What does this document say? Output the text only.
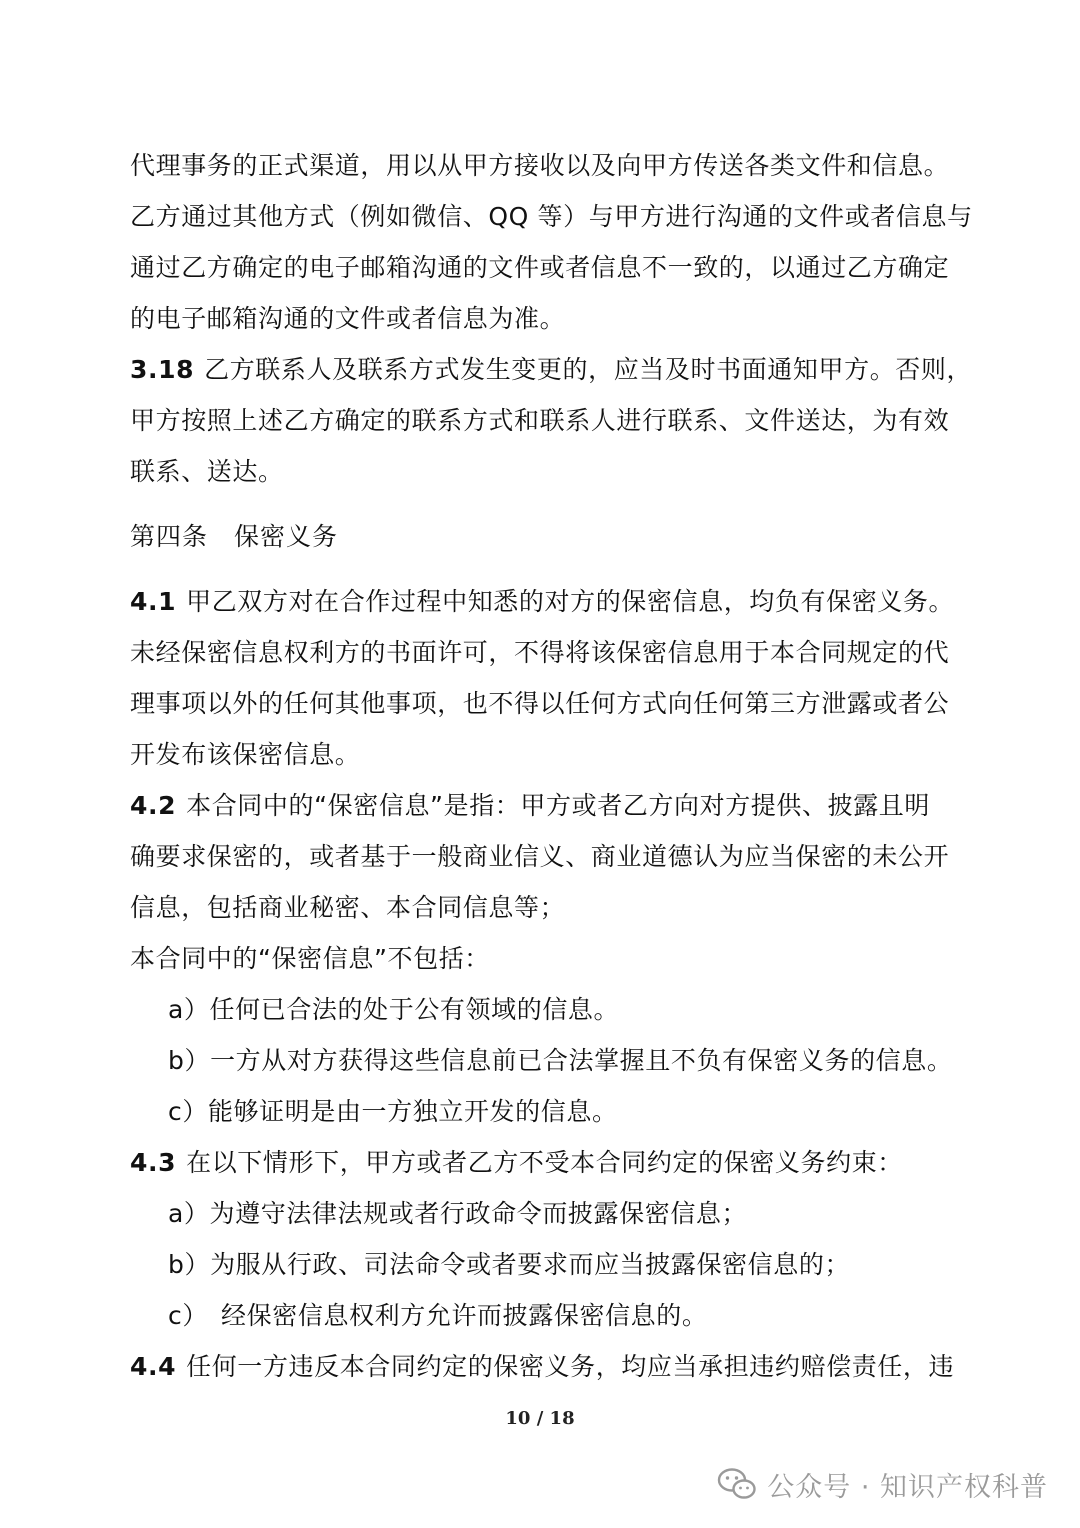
代理事务的正式渠道，用以从甲方接收以及向甲方传送各类文件和信息。
乙方通过其他方式（例如微信、QQ 等）与甲方进行沟通的文件或者信息与
通过乙方确定的电子邮箱沟通的文件或者信息不一致的，以通过乙方确定
的电子邮箱沟通的文件或者信息为准。
3.18 乙方联系人及联系方式发生变更的，应当及时书面通知甲方。否则，
甲方按照上述乙方确定的联系方式和联系人进行联系、文件送达，为有效
联系、送达。
第四条　保密义务
4.1 甲乙双方对在合作过程中知悉的对方的保密信息，均负有保密义务。
未经保密信息权利方的书面许可，不得将该保密信息用于本合同规定的代
理事项以外的任何其他事项，也不得以任何方式向任何第三方泄露或者公
开发布该保密信息。
4.2 本合同中的“保密信息”是指：甲方或者乙方向对方提供、披露且明
确要求保密的，或者基于一般商业信义、商业道德认为应当保密的未公开
信息，包括商业秘密、本合同信息等；
本合同中的“保密信息”不包括：
a）任何已合法的处于公有领域的信息。
b）一方从对方获得这些信息前已合法掌握且不负有保密义务的信息。
c）能够证明是由一方独立开发的信息。
4.3 在以下情形下，甲方或者乙方不受本合同约定的保密义务约束：
a）为遵守法律法规或者行政命令而披露保密信息；
b）为服从行政、司法命令或者要求而应当披露保密信息的；
c）　经保密信息权利方允许而披露保密信息的。
4.4 任何一方违反本合同约定的保密义务，均应当承担违约赔偿责任，违
10 / 18
公众号 · 知识产权科普
